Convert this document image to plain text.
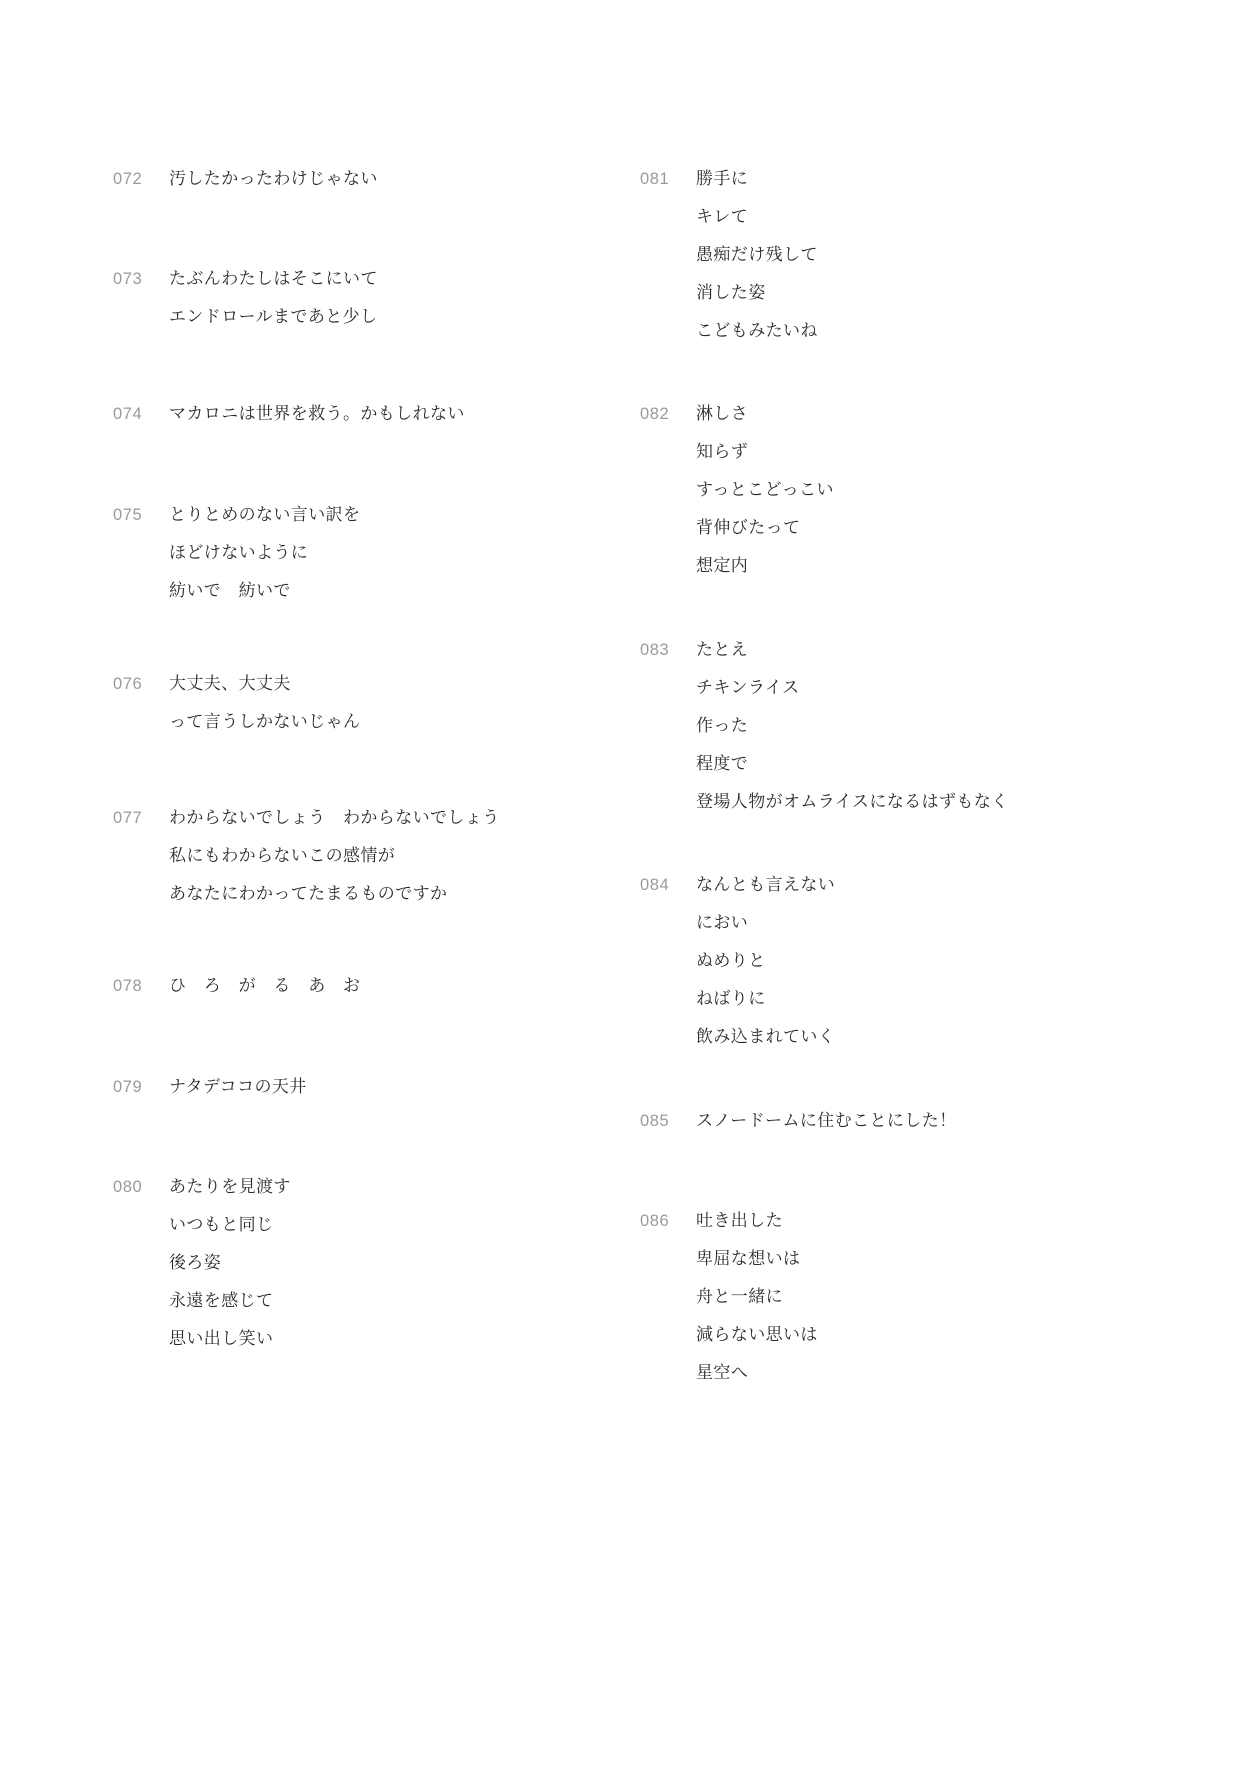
072	汚したかったわけじゃない
073	たぶんわたしはそこにいて
エンドロールまであと少し
074	マカロニは世界を救う。かもしれない
075	とりとめのない言い訳を
ほどけないように
紡いで　紡いで
076	大丈夫、大丈夫
って言うしかないじゃん
077	わからないでしょう　わからないでしょう
私にもわからないこの感情が
あなたにわかってたまるものですか
078	ひ　ろ　が　る　あ　お
079	ナタデココの天井
080	あたりを見渡す
いつもと同じ
後ろ姿
永遠を感じて
思い出し笑い
081	勝手に
キレて
愚痴だけ残して
消した姿
こどもみたいね
082	淋しさ
知らず
すっとこどっこい
背伸びたって
想定内
083	たとえ
チキンライス
作った
程度で
登場人物がオムライスになるはずもなく
084	なんとも言えない
におい
ぬめりと
ねばりに
飲み込まれていく
085	スノードームに住むことにした！
086	吐き出した
卑屈な想いは
舟と一緒に
減らない思いは
星空へ
